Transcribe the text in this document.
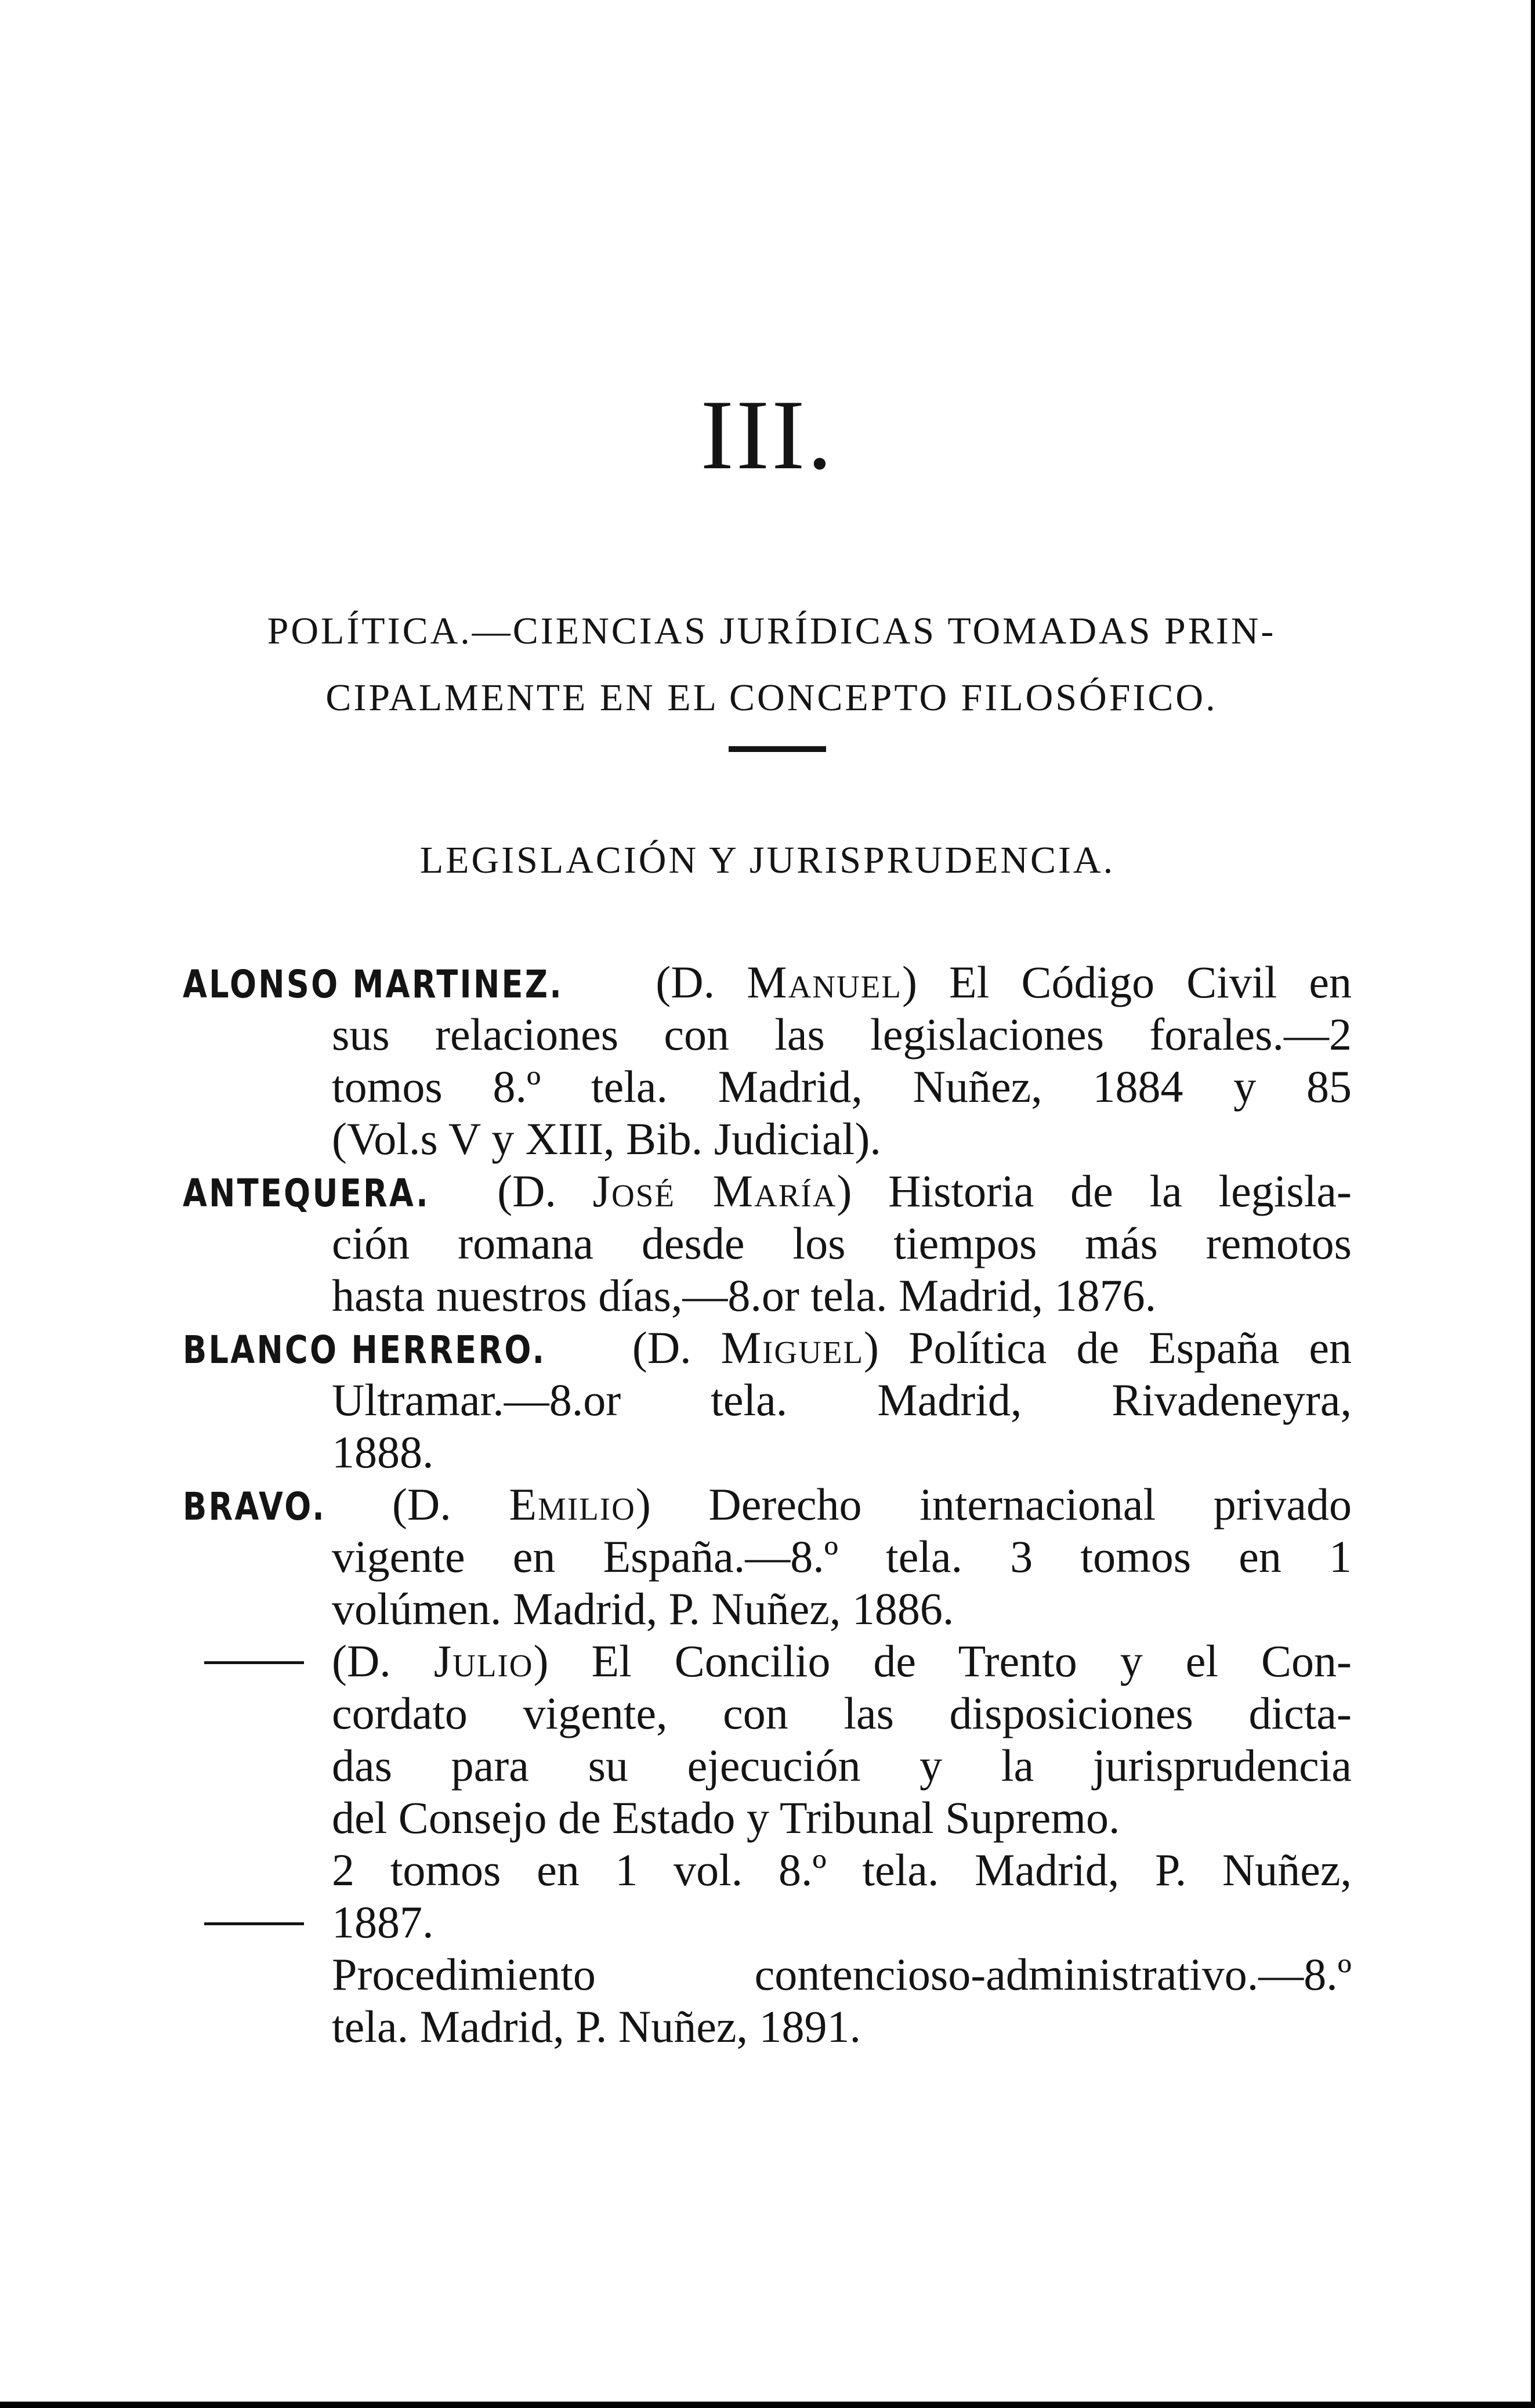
III.
POLÍTICA.—CIENCIAS JURÍDICAS TOMADAS PRIN-
CIPALMENTE EN EL CONCEPTO FILOSÓFICO.
LEGISLACIÓN Y JURISPRUDENCIA.
ALONSO MARTINEZ. (D. Manuel) El Código Civil en
sus relaciones con las legislaciones forales.—2
tomos 8.º tela. Madrid, Nuñez, 1884 y 85
(Vol.s V y XIII, Bib. Judicial).
ANTEQUERA. (D. José María) Historia de la legisla-
ción romana desde los tiempos más remotos
hasta nuestros días,—8.or tela. Madrid, 1876.
BLANCO HERRERO. (D. Miguel) Política de España en
Ultramar.—8.or tela. Madrid, Rivadeneyra,
1888.
BRAVO. (D. Emilio) Derecho internacional privado
vigente en España.—8.º tela. 3 tomos en 1
volúmen. Madrid, P. Nuñez, 1886.
(D. Julio) El Concilio de Trento y el Con-
cordato vigente, con las disposiciones dicta-
das para su ejecución y la jurisprudencia
del Consejo de Estado y Tribunal Supremo.
2 tomos en 1 vol. 8.º tela. Madrid, P. Nuñez,
1887.
Procedimiento contencioso-administrativo.—8.º
tela. Madrid, P. Nuñez, 1891.
